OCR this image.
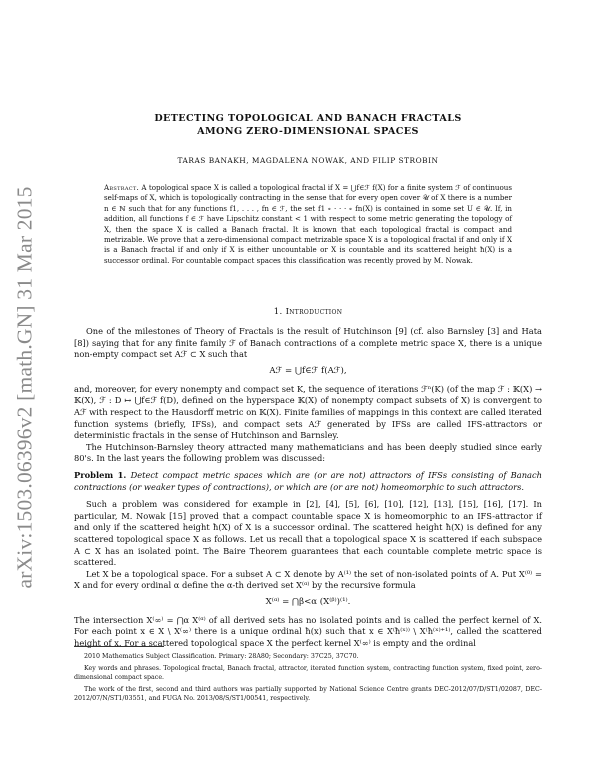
arXiv:1503.06396v2 [math.GN] 31 Mar 2015
DETECTING TOPOLOGICAL AND BANACH FRACTALS
AMONG ZERO-DIMENSIONAL SPACES
TARAS BANAKH, MAGDALENA NOWAK, AND FILIP STROBIN

Abstract. A topological space X is called a topological fractal if X = ⋃f∈ℱ f(X) for a finite system ℱ of continuous self-maps of X, which is topologically contracting in the sense that for every open cover 𝒰 of X there is a number n ∈ ℕ such that for any functions f1, . . . , fn ∈ ℱ, the set f1 ∘ · · · ∘ fn(X) is contained in some set U ∈ 𝒰. If, in addition, all functions f ∈ ℱ have Lipschitz constant < 1 with respect to some metric generating the topology of X, then the space X is called a Banach fractal. It is known that each topological fractal is compact and metrizable. We prove that a zero-dimensional compact metrizable space X is a topological fractal if and only if X is a Banach fractal if and only if X is either uncountable or X is countable and its scattered height ħ(X) is a successor ordinal. For countable compact spaces this classification was recently proved by M. Nowak.

1. Introduction

One of the milestones of Theory of Fractals is the result of Hutchinson [9] (cf. also Barnsley [3] and Hata [8]) saying that for any finite family ℱ of Banach contractions of a complete metric space X, there is a unique non-empty compact set Aℱ ⊂ X such that

Aℱ = ⋃f∈ℱ f(Aℱ),

and, moreover, for every nonempty and compact set K, the sequence of iterations ℱⁿ(K) (of the map ℱ : 𝕂(X) → 𝕂(X), ℱ : D ↦ ⋃f∈ℱ f(D), defined on the hyperspace 𝕂(X) of nonempty compact subsets of X) is convergent to Aℱ with respect to the Hausdorff metric on 𝕂(X). Finite families of mappings in this context are called iterated function systems (briefly, IFSs), and compact sets Aℱ generated by IFSs are called IFS-attractors or deterministic fractals in the sense of Hutchinson and Barnsley.

The Hutchinson-Barnsley theory attracted many mathematicians and has been deeply studied since early 80's. In the last years the following problem was discussed:

Problem 1. Detect compact metric spaces which are (or are not) attractors of IFSs consisting of Banach contractions (or weaker types of contractions), or which are (or are not) homeomorphic to such attractors.

Such a problem was considered for example in [2], [4], [5], [6], [10], [12], [13], [15], [16], [17]. In particular, M. Nowak [15] proved that a compact countable space X is homeomorphic to an IFS-attractor if and only if the scattered height ħ(X) of X is a successor ordinal. The scattered height ħ(X) is defined for any scattered topological space X as follows. Let us recall that a topological space X is scattered if each subspace A ⊂ X has an isolated point. The Baire Theorem guarantees that each countable complete metric space is scattered.

Let X be a topological space. For a subset A ⊂ X denote by A⁽¹⁾ the set of non-isolated points of A. Put X⁽⁰⁾ = X and for every ordinal α define the α-th derived set X⁽ᵅ⁾ by the recursive formula

X⁽ᵅ⁾ = ⋂β<α (X⁽ᵝ⁾)⁽¹⁾.

The intersection X⁽∞⁾ = ⋂α X⁽ᵅ⁾ of all derived sets has no isolated points and is called the perfect kernel of X. For each point x ∈ X \ X⁽∞⁾ there is a unique ordinal ħ(x) such that x ∈ X⁽ħ⁽ˣ⁾⁾ \ X⁽ħ⁽ˣ⁾⁺¹⁾, called the scattered height of x. For a scattered topological space X the perfect kernel X⁽∞⁾ is empty and the ordinal

2010 Mathematics Subject Classification. Primary: 28A80; Secondary: 37C25, 37C70.

Key words and phrases. Topological fractal, Banach fractal, attractor, iterated function system, contracting function system, fixed point, zero-dimensional compact space.

The work of the first, second and third authors was partially supported by National Science Centre grants DEC-2012/07/D/ST1/02087, DEC-2012/07/N/ST1/03551, and FUGA No. 2013/08/S/ST1/00541, respectively.
